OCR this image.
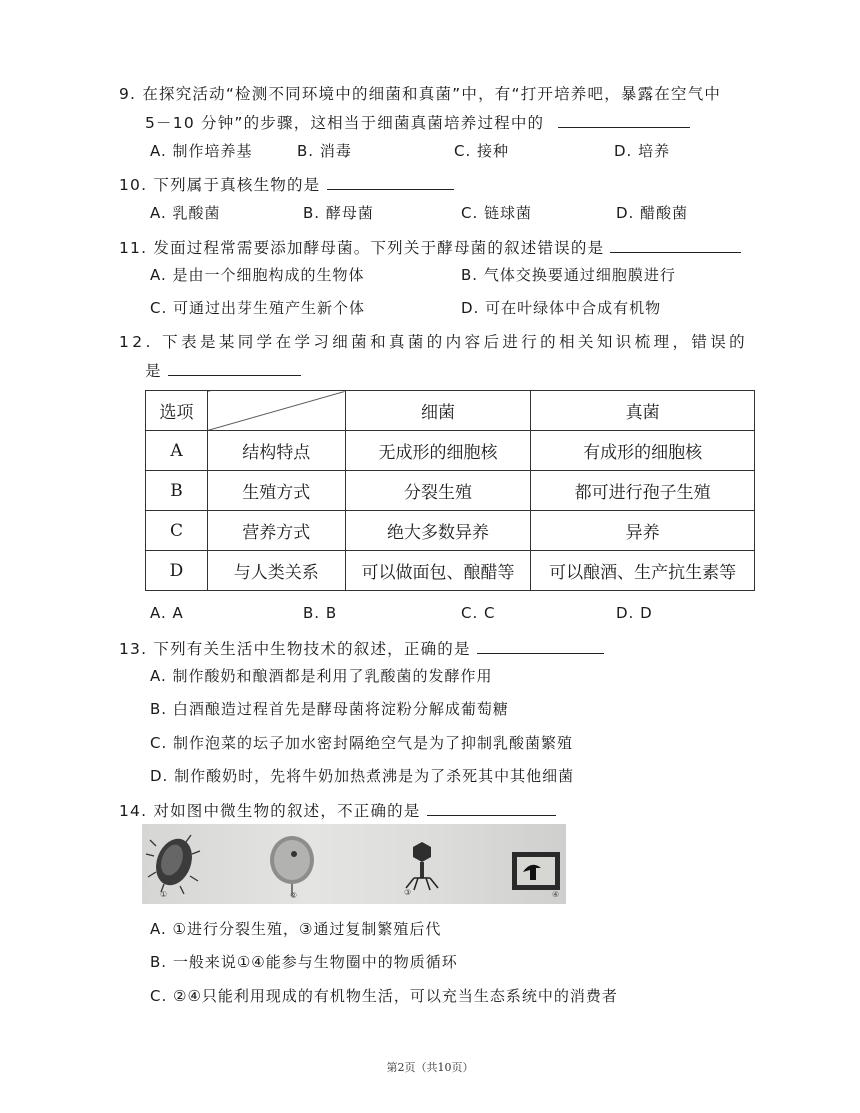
9. 在探究活动“检测不同环境中的细菌和真菌”中，有“打开培养吧，暴露在空气中
5－10 分钟”的步骤，这相当于细菌真菌培养过程中的
A. 制作培养基	B. 消毒	C. 接种	D. 培养
10. 下列属于真核生物的是
A. 乳酸菌	B. 酵母菌	C. 链球菌	D. 醋酸菌
11. 发面过程常需要添加酵母菌。下列关于酵母菌的叙述错误的是
A. 是由一个细胞构成的生物体	B. 气体交换要通过细胞膜进行
C. 可通过出芽生殖产生新个体	D. 可在叶绿体中合成有机物
12. 下表是某同学在学习细菌和真菌的内容后进行的相关知识梳理，错误的
是
选项		细菌	真菌
A	结构特点	无成形的细胞核	有成形的细胞核
B	生殖方式	分裂生殖	都可进行孢子生殖
C	营养方式	绝大多数异养	异养
D	与人类关系	可以做面包、酿醋等	可以酿酒、生产抗生素等
A. A	B. B	C. C	D. D
13. 下列有关生活中生物技术的叙述，正确的是
A. 制作酸奶和酿酒都是利用了乳酸菌的发酵作用
B. 白酒酿造过程首先是酵母菌将淀粉分解成葡萄糖
C. 制作泡菜的坛子加水密封隔绝空气是为了抑制乳酸菌繁殖
D. 制作酸奶时，先将牛奶加热煮沸是为了杀死其中其他细菌
14. 对如图中微生物的叙述，不正确的是
①	②	③	④
A. ①进行分裂生殖，③通过复制繁殖后代
B. 一般来说①④能参与生物圈中的物质循环
C. ②④只能利用现成的有机物生活，可以充当生态系统中的消费者
第2页（共10页）
